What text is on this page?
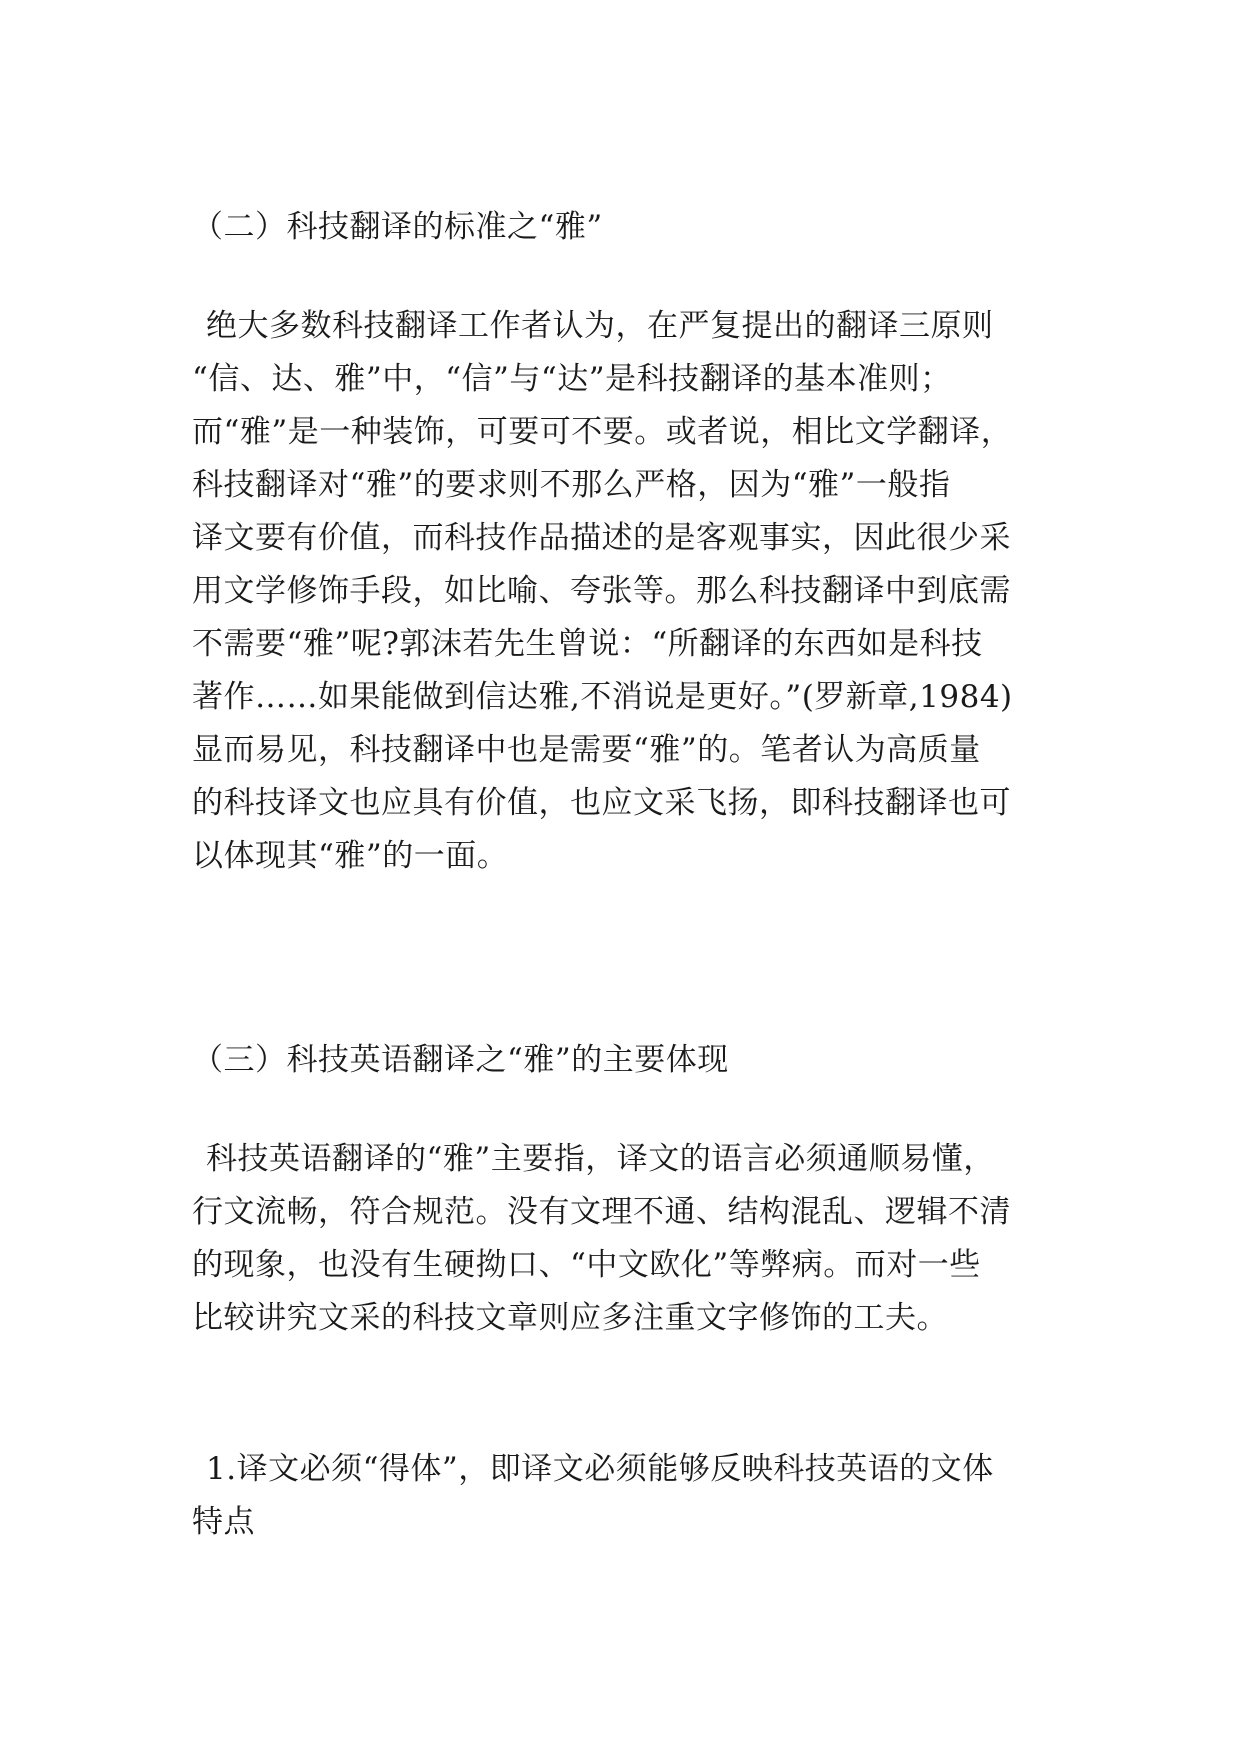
（二）科技翻译的标准之“雅”
绝大多数科技翻译工作者认为，在严复提出的翻译三原则
“信、达、雅”中，“信”与“达”是科技翻译的基本准则；
而“雅”是一种装饰，可要可不要。或者说，相比文学翻译，
科技翻译对“雅”的要求则不那么严格，因为“雅”一般指
译文要有价值，而科技作品描述的是客观事实，因此很少采
用文学修饰手段，如比喻、夸张等。那么科技翻译中到底需
不需要“雅”呢?郭沫若先生曾说：“所翻译的东西如是科技
著作……如果能做到信达雅,不消说是更好。”(罗新章,1984)
显而易见，科技翻译中也是需要“雅”的。笔者认为高质量
的科技译文也应具有价值，也应文采飞扬，即科技翻译也可
以体现其“雅”的一面。
（三）科技英语翻译之“雅”的主要体现
科技英语翻译的“雅”主要指，译文的语言必须通顺易懂，
行文流畅，符合规范。没有文理不通、结构混乱、逻辑不清
的现象，也没有生硬拗口、“中文欧化”等弊病。而对一些
比较讲究文采的科技文章则应多注重文字修饰的工夫。
1.译文必须“得体”，即译文必须能够反映科技英语的文体
特点
